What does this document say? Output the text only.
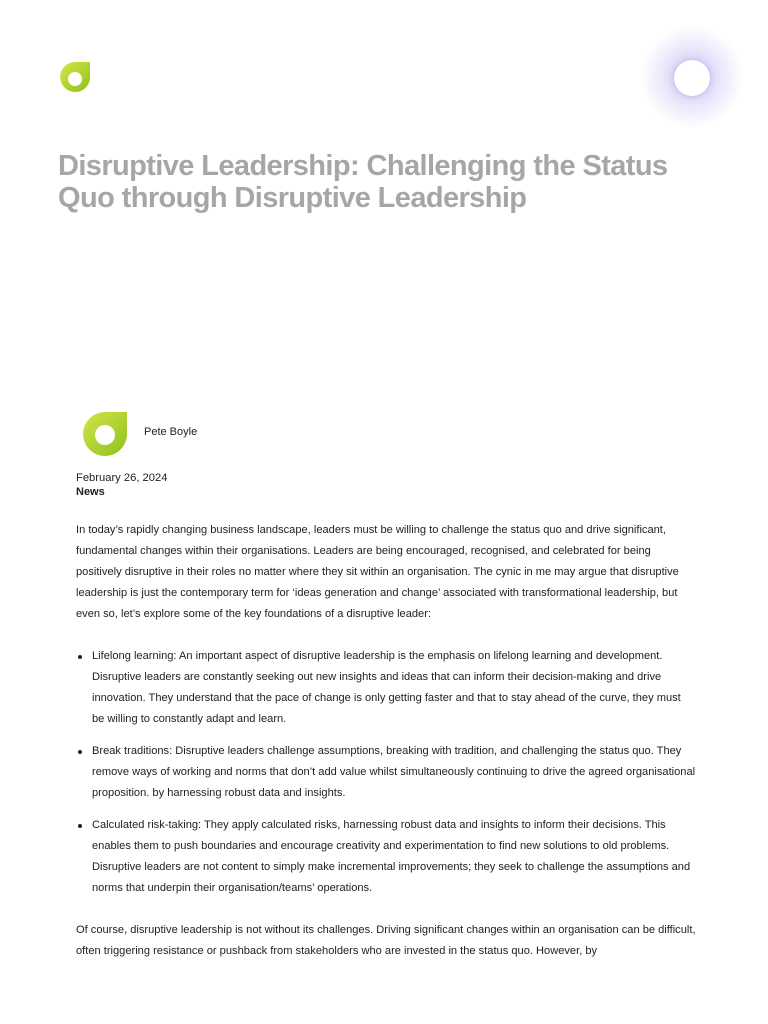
Disruptive Leadership: Challenging the Status Quo through Disruptive Leadership
Pete Boyle
February 26, 2024
News

In today’s rapidly changing business landscape, leaders must be willing to challenge the status quo and drive significant, fundamental changes within their organisations. Leaders are being encouraged, recognised, and celebrated for being positively disruptive in their roles no matter where they sit within an organisation. The cynic in me may argue that disruptive leadership is just the contemporary term for ‘ideas generation and change’ associated with transformational leadership, but even so, let’s explore some of the key foundations of a disruptive leader:

Lifelong learning: An important aspect of disruptive leadership is the emphasis on lifelong learning and development. Disruptive leaders are constantly seeking out new insights and ideas that can inform their decision-making and drive innovation. They understand that the pace of change is only getting faster and that to stay ahead of the curve, they must be willing to constantly adapt and learn.
Break traditions: Disruptive leaders challenge assumptions, breaking with tradition, and challenging the status quo. They remove ways of working and norms that don’t add value whilst simultaneously continuing to drive the agreed organisational proposition. by harnessing robust data and insights.
Calculated risk-taking: They apply calculated risks, harnessing robust data and insights to inform their decisions. This enables them to push boundaries and encourage creativity and experimentation to find new solutions to old problems. Disruptive leaders are not content to simply make incremental improvements; they seek to challenge the assumptions and norms that underpin their organisation/teams’ operations.

Of course, disruptive leadership is not without its challenges. Driving significant changes within an organisation can be difficult, often triggering resistance or pushback from stakeholders who are invested in the status quo. However, by
